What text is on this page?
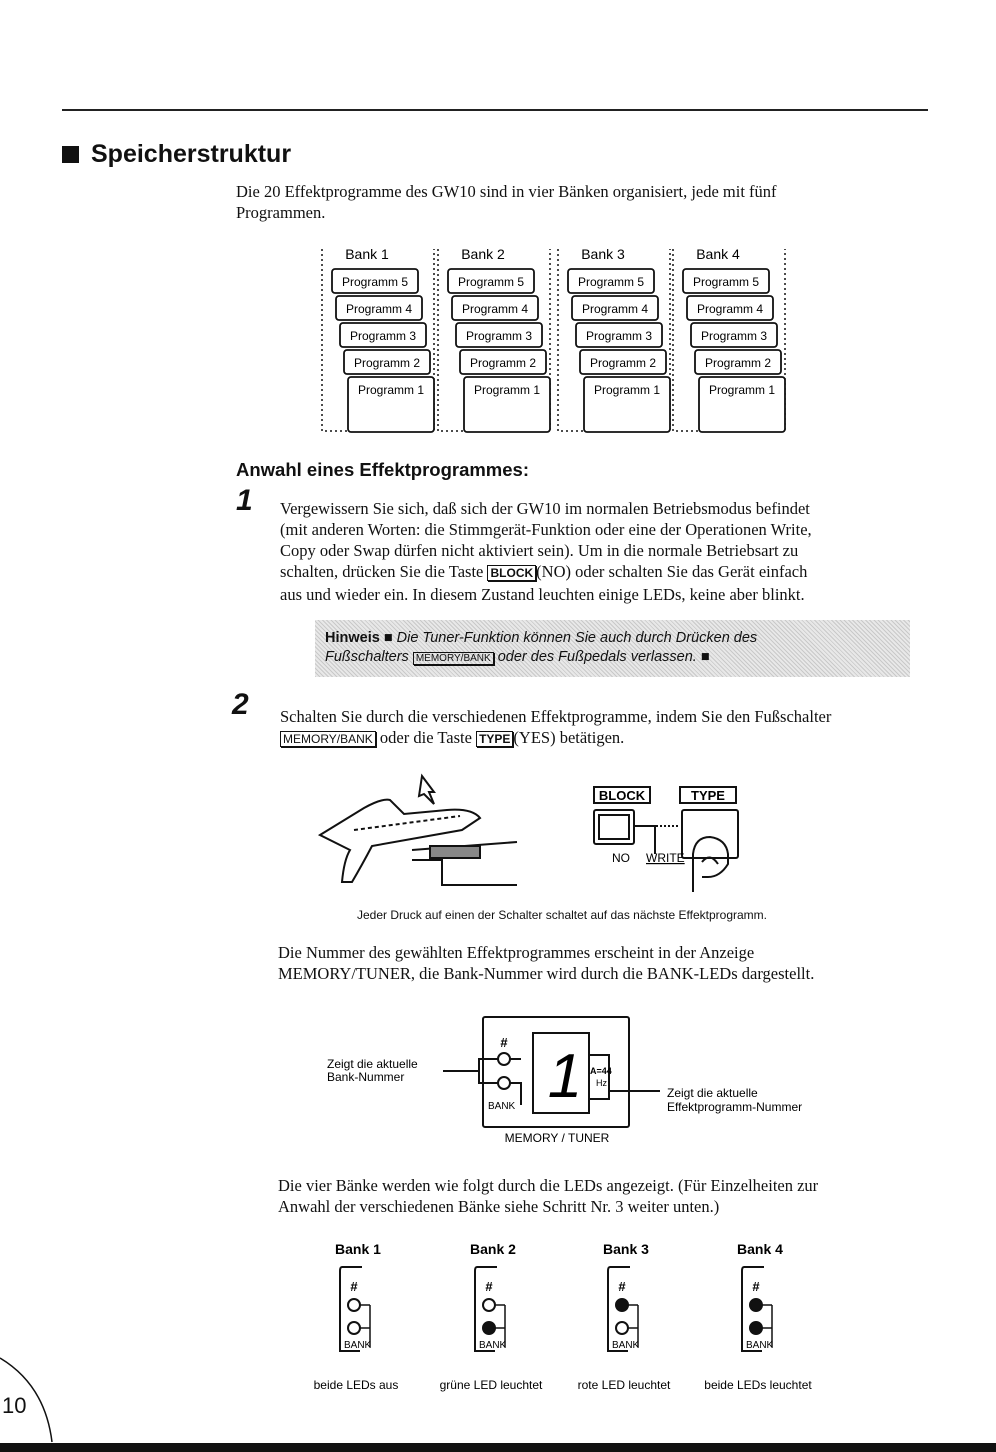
Speicherstruktur
Die 20 Effektprogramme des GW10 sind in vier Bänken organisiert, jede mit fünf
Programmen.
Bank 1
Programm 5
Programm 4
Programm 3
Programm 2
Programm 1
Bank 2
Programm 5
Programm 4
Programm 3
Programm 2
Programm 1
Bank 3
Programm 5
Programm 4
Programm 3
Programm 2
Programm 1
Bank 4
Programm 5
Programm 4
Programm 3
Programm 2
Programm 1
Anwahl eines Effektprogrammes:
1 Vergewissern Sie sich, daß sich der GW10 im normalen Betriebsmodus befindet
(mit anderen Worten: die Stimmgerät-Funktion oder eine der Operationen Write,
Copy oder Swap dürfen nicht aktiviert sein). Um in die normale Betriebsart zu
schalten, drücken Sie die Taste BLOCK (NO) oder schalten Sie das Gerät einfach
aus und wieder ein. In diesem Zustand leuchten einige LEDs, keine aber blinkt.
Hinweis ■ Die Tuner-Funktion können Sie auch durch Drücken des
Fußschalters MEMORY/BANK oder des Fußpedals verlassen. ■
2 Schalten Sie durch die verschiedenen Effektprogramme, indem Sie den Fußschalter
MEMORY/BANK oder die Taste TYPE (YES) betätigen.
BLOCK	TYPE
NO WRITE
Jeder Druck auf einen der Schalter schaltet auf das nächste Effektprogramm.
Die Nummer des gewählten Effektprogrammes erscheint in der Anzeige
MEMORY/TUNER, die Bank-Nummer wird durch die BANK-LEDs dargestellt.
#
BANK 1 A=44
Hz
Zeigt die aktuelle
Bank-Nummer
Zeigt die aktuelle
Effektprogramm-Nummer
MEMORY / TUNER
Die vier Bänke werden wie folgt durch die LEDs angezeigt. (Für Einzelheiten zur
Anwahl der verschiedenen Bänke siehe Schritt Nr. 3 weiter unten.)
Bank 1
#
BANK
beide LEDs aus
Bank 2
#
BANK
grüne LED leuchtet
Bank 3
#
BANK
rote LED leuchtet
Bank 4
#
BANK
beide LEDs leuchtet
10
